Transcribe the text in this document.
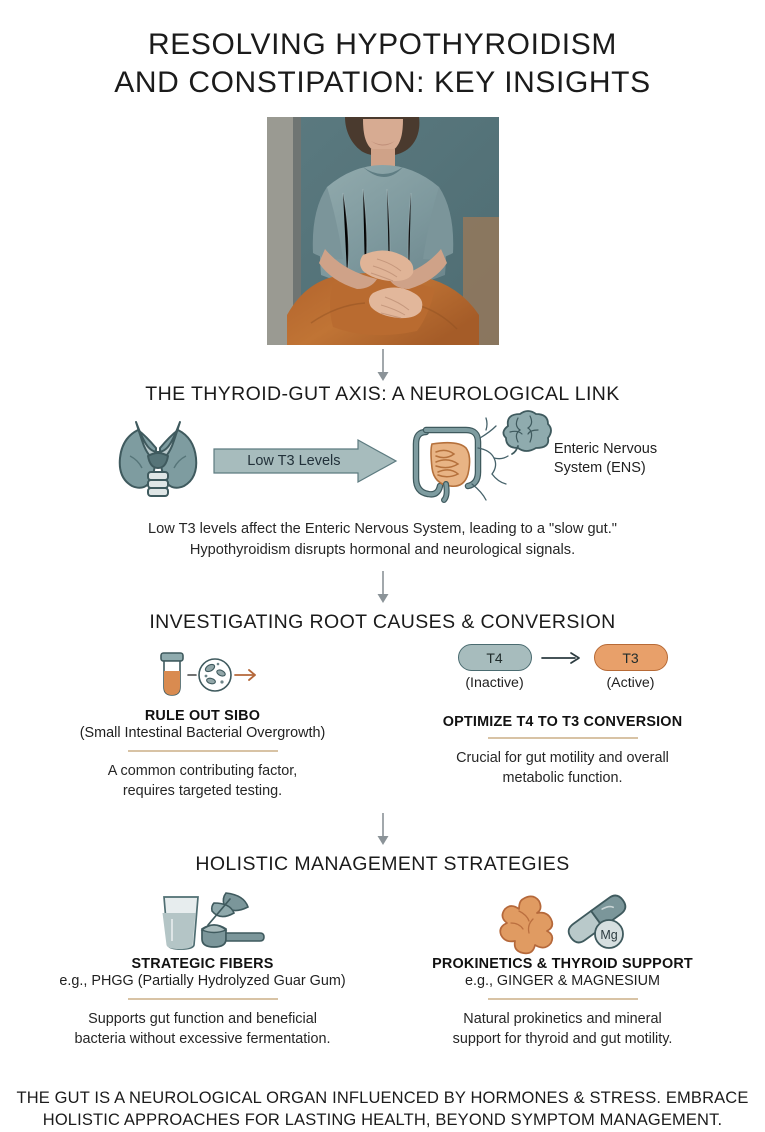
RESOLVING HYPOTHYROIDISM
AND CONSTIPATION: KEY INSIGHTS
THE THYROID-GUT AXIS: A NEUROLOGICAL LINK
Low T3 Levels
Enteric Nervous
System (ENS)
Low T3 levels affect the Enteric Nervous System, leading to a "slow gut."
Hypothyroidism disrupts hormonal and neurological signals.
INVESTIGATING ROOT CAUSES & CONVERSION
RULE OUT SIBO
(Small Intestinal Bacterial Overgrowth)
A common contributing factor,
requires targeted testing.
T4
(Inactive)
T3
(Active)
OPTIMIZE T4 TO T3 CONVERSION
Crucial for gut motility and overall
metabolic function.
HOLISTIC MANAGEMENT STRATEGIES
STRATEGIC FIBERS
e.g., PHGG (Partially Hydrolyzed Guar Gum)
Supports gut function and beneficial
bacteria without excessive fermentation.
Mg
PROKINETICS & THYROID SUPPORT
e.g., GINGER & MAGNESIUM
Natural prokinetics and mineral
support for thyroid and gut motility.
THE GUT IS A NEUROLOGICAL ORGAN INFLUENCED BY HORMONES & STRESS. EMBRACE
HOLISTIC APPROACHES FOR LASTING HEALTH, BEYOND SYMPTOM MANAGEMENT.
